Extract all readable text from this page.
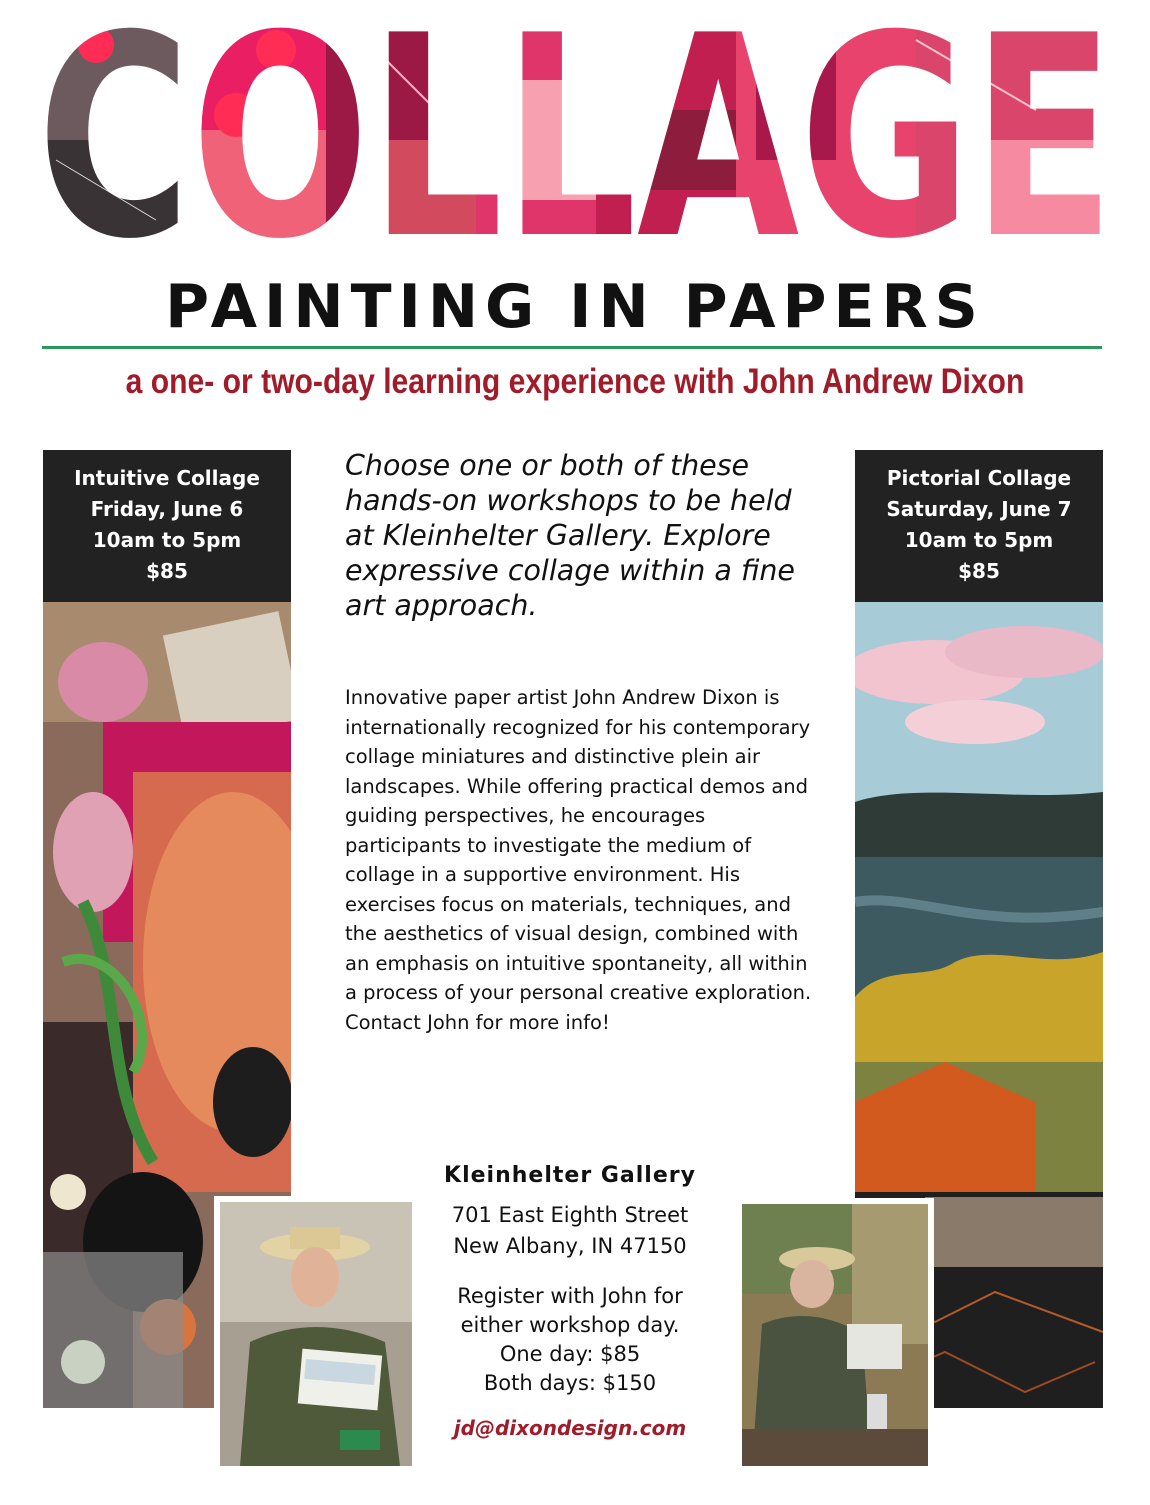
COLLAGE
PAINTING IN PAPERS
a one- or two-day learning experience with John Andrew Dixon
Intuitive Collage
Friday, June 6
10am to 5pm
$85
Pictorial Collage
Saturday, June 7
10am to 5pm
$85
Choose one or both of these hands-on workshops to be held at Kleinhelter Gallery. Explore expressive collage within a fine art approach.
Innovative paper artist John Andrew Dixon is internationally recognized for his contemporary collage miniatures and distinctive plein air landscapes. While offering practical demos and guiding perspectives, he encourages participants to investigate the medium of collage in a supportive environment. His exercises focus on materials, techniques, and the aesthetics of visual design, combined with an emphasis on intuitive spontaneity, all within a process of your personal creative exploration. Contact John for more info!
Kleinhelter Gallery
701 East Eighth Street
New Albany, IN 47150
Register with John for
either workshop day.
One day: $85
Both days: $150
jd@dixondesign.com
